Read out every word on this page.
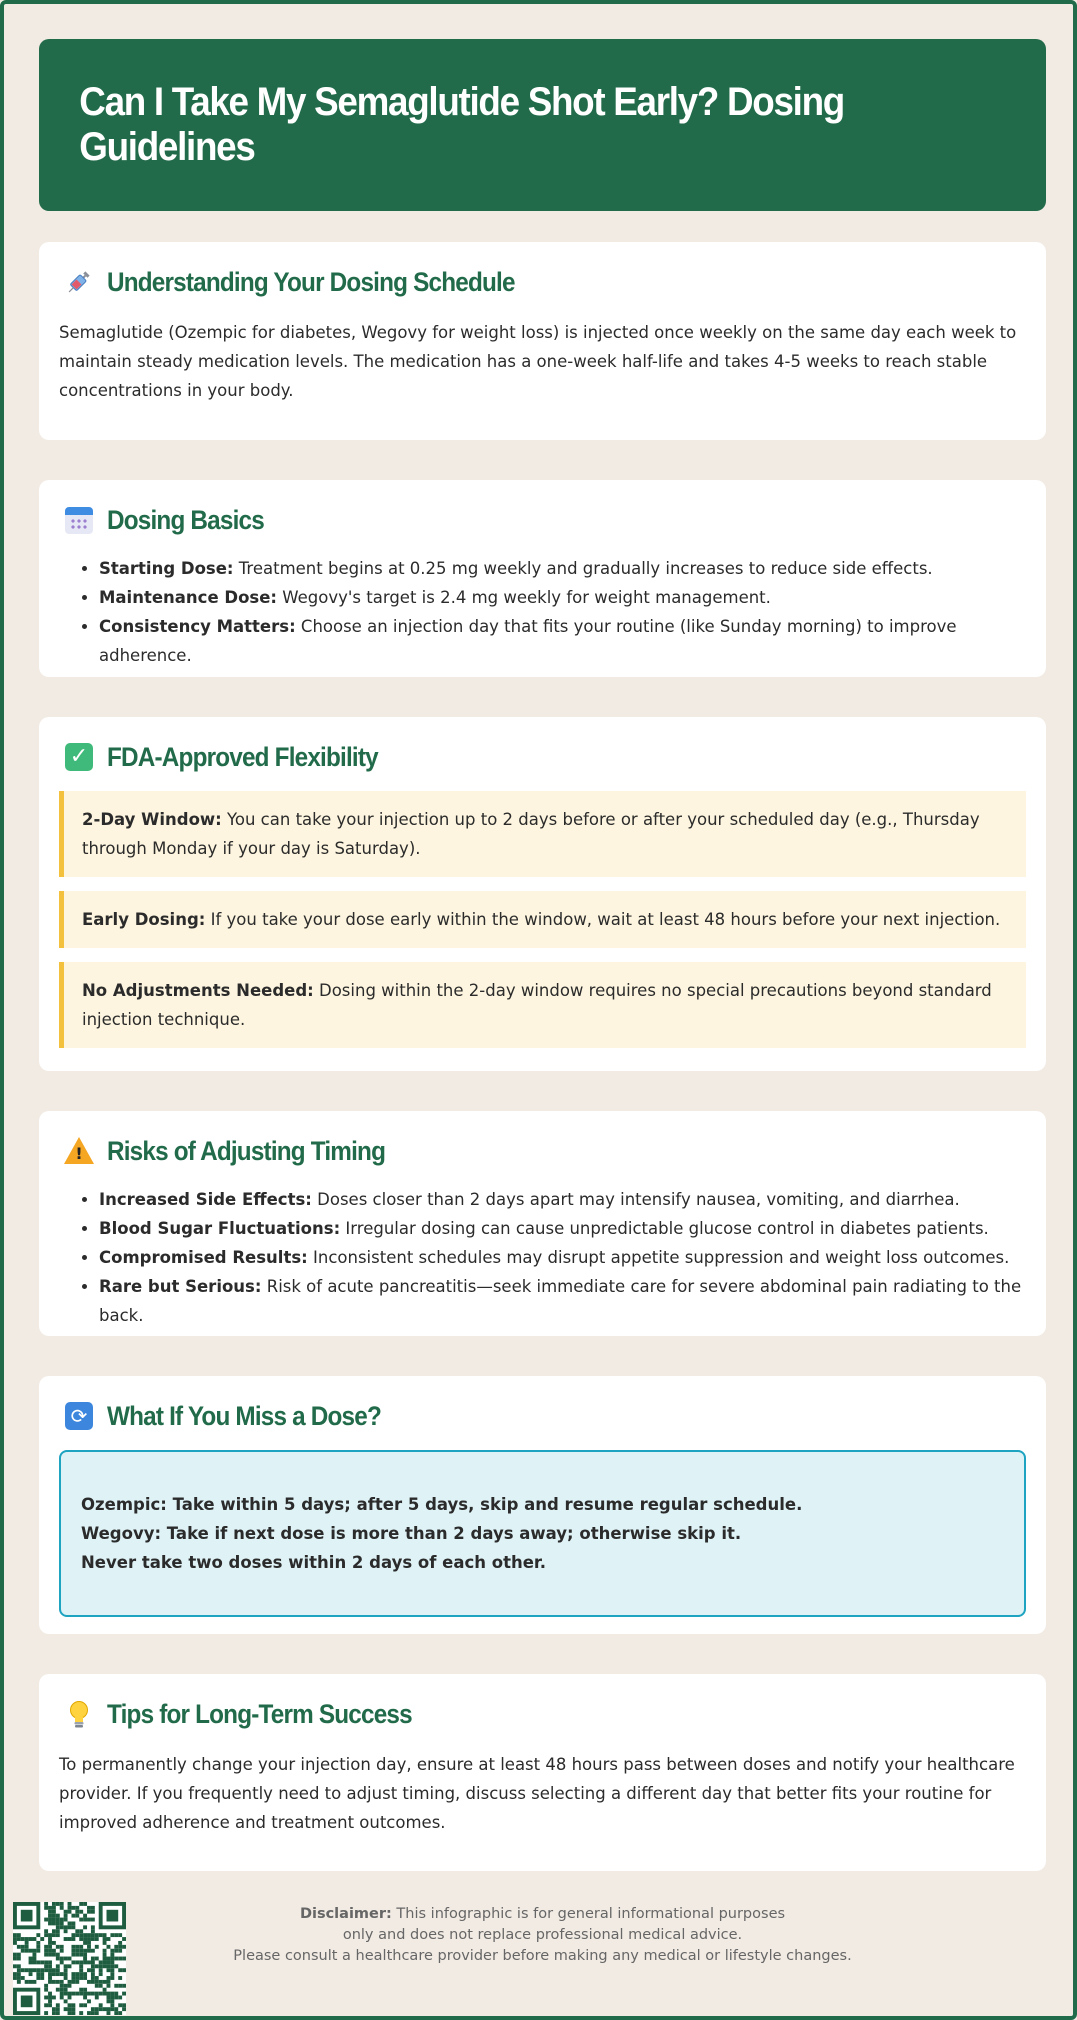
Can I Take My Semaglutide Shot Early? Dosing Guidelines
Understanding Your Dosing Schedule

Semaglutide (Ozempic for diabetes, Wegovy for weight loss) is injected once weekly on the same day each week to maintain steady medication levels. The medication has a one-week half-life and takes 4-5 weeks to reach stable concentrations in your body.

Dosing Basics
• Starting Dose: Treatment begins at 0.25 mg weekly and gradually increases to reduce side effects.
• Maintenance Dose: Wegovy's target is 2.4 mg weekly for weight management.
• Consistency Matters: Choose an injection day that fits your routine (like Sunday morning) to improve adherence.
✓ FDA-Approved Flexibility
2-Day Window: You can take your injection up to 2 days before or after your scheduled day (e.g., Thursday through Monday if your day is Saturday).
Early Dosing: If you take your dose early within the window, wait at least 48 hours before your next injection.
No Adjustments Needed: Dosing within the 2-day window requires no special precautions beyond standard injection technique.
! Risks of Adjusting Timing
• Increased Side Effects: Doses closer than 2 days apart may intensify nausea, vomiting, and diarrhea.
• Blood Sugar Fluctuations: Irregular dosing can cause unpredictable glucose control in diabetes patients.
• Compromised Results: Inconsistent schedules may disrupt appetite suppression and weight loss outcomes.
• Rare but Serious: Risk of acute pancreatitis—seek immediate care for severe abdominal pain radiating to the back.
⟳ What If You Miss a Dose?
Ozempic: Take within 5 days; after 5 days, skip and resume regular schedule.
Wegovy: Take if next dose is more than 2 days away; otherwise skip it.
Never take two doses within 2 days of each other.
Tips for Long-Term Success

To permanently change your injection day, ensure at least 48 hours pass between doses and notify your healthcare provider. If you frequently need to adjust timing, discuss selecting a different day that better fits your routine for improved adherence and treatment outcomes.

Disclaimer: This infographic is for general informational purposes
only and does not replace professional medical advice.
Please consult a healthcare provider before making any medical or lifestyle changes.
